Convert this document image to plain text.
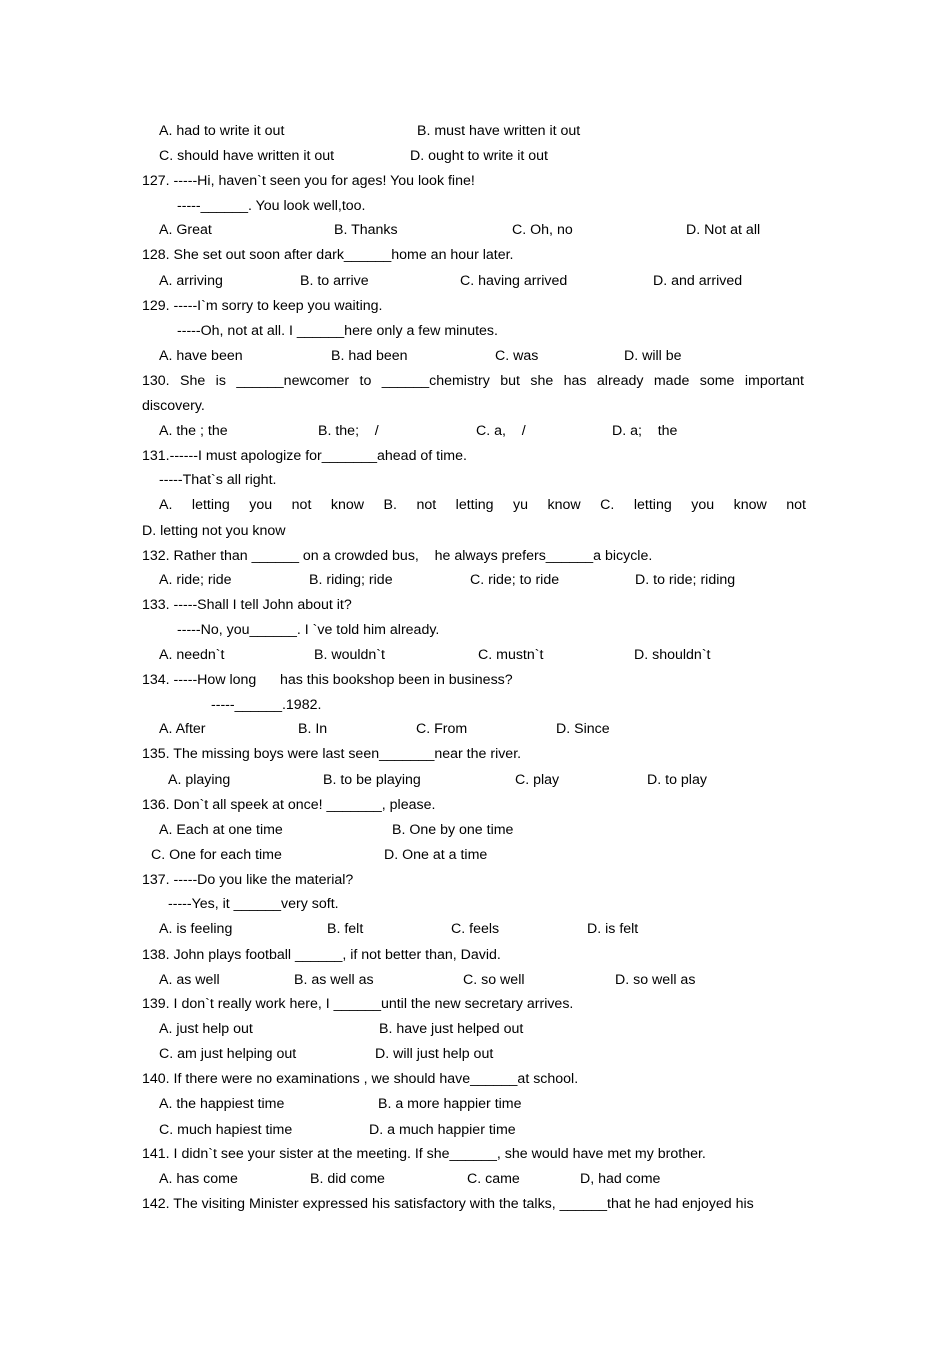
A. had to write it out	B. must have written it out
C. should have written it out	D. ought to write it out
127. -----Hi, haven`t seen you for ages! You look fine!
-----______. You look well,too.
A. Great	B. Thanks	C. Oh, no	D. Not at all
128. She set out soon after dark______home an hour later.
A. arriving	B. to arrive	C. having arrived	D. and arrived
129. -----I`m sorry to keep you waiting.
-----Oh, not at all. I ______here only a few minutes.
A. have been	B. had been	C. was	D. will be
130. She is ______newcomer to ______chemistry but she has already made some important
discovery.
A. the ; the	B. the;    /	C. a,    /	D. a;    the
131.------I must apologize for_______ahead of time.
-----That`s all right.
A. letting you not know B. not letting yu know C. letting you know not
D. letting not you know
132. Rather than ______ on a crowded bus,    he always prefers______a bicycle.
A. ride; ride	B. riding; ride	C. ride; to ride	D. to ride; riding
133. -----Shall I tell John about it?
-----No, you______. I `ve told him already.
A. needn`t	B. wouldn`t	C. mustn`t	D. shouldn`t
134. -----How long      has this bookshop been in business?
-----______.1982.
A. After	B. In	C. From	D. Since
135. The missing boys were last seen_______near the river.
A. playing	B. to be playing	C. play	D. to play
136. Don`t all speek at once! _______, please.
A. Each at one time	B. One by one time
C. One for each time	D. One at a time
137. -----Do you like the material?
-----Yes, it ______very soft.
A. is feeling	B. felt	C. feels	D. is felt
138. John plays football ______, if not better than, David.
A. as well	B. as well as	C. so well	D. so well as
139. I don`t really work here, I ______until the new secretary arrives.
A. just help out	B. have just helped out
C. am just helping out	D. will just help out
140. If there were no examinations , we should have______at school.
A. the happiest time	B. a more happier time
C. much hapiest time	D. a much happier time
141. I didn`t see your sister at the meeting. If she______, she would have met my brother.
A. has come	B. did come	C. came	D, had come
142. The visiting Minister expressed his satisfactory with the talks, ______that he had enjoyed his
